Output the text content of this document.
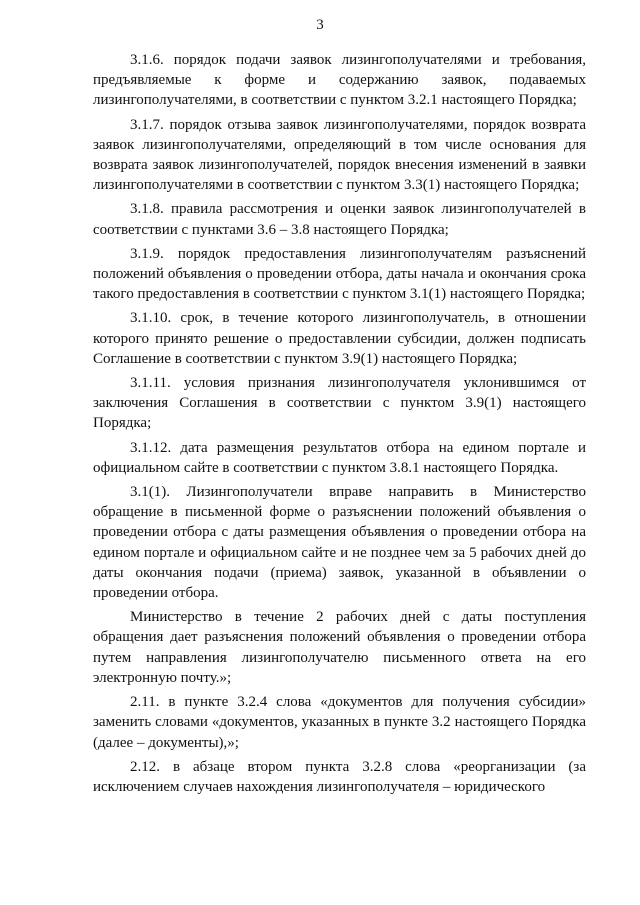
3

3.1.6. порядок подачи заявок лизингополучателями и требования, предъявляемые к форме и содержанию заявок, подаваемых лизингополучателями, в соответствии с пунктом 3.2.1 настоящего Порядка;

3.1.7. порядок отзыва заявок лизингополучателями, порядок возврата заявок лизингополучателями, определяющий в том числе основания для возврата заявок лизингополучателей, порядок внесения изменений в заявки лизингополучателями в соответствии с пунктом 3.3(1) настоящего Порядка;

3.1.8. правила рассмотрения и оценки заявок лизингополучателей в соответствии с пунктами 3.6 – 3.8 настоящего Порядка;

3.1.9. порядок предоставления лизингополучателям разъяснений положений объявления о проведении отбора, даты начала и окончания срока такого предоставления в соответствии с пунктом 3.1(1) настоящего Порядка;

3.1.10. срок, в течение которого лизингополучатель, в отношении которого принято решение о предоставлении субсидии, должен подписать Соглашение в соответствии с пунктом 3.9(1) настоящего Порядка;

3.1.11. условия признания лизингополучателя уклонившимся от заключения Соглашения в соответствии с пунктом 3.9(1) настоящего Порядка;

3.1.12. дата размещения результатов отбора на едином портале и официальном сайте в соответствии с пунктом 3.8.1 настоящего Порядка.

3.1(1). Лизингополучатели вправе направить в Министерство обращение в письменной форме о разъяснении положений объявления о проведении отбора с даты размещения объявления о проведении отбора на едином портале и официальном сайте и не позднее чем за 5 рабочих дней до даты окончания подачи (приема) заявок, указанной в объявлении о проведении отбора.

Министерство в течение 2 рабочих дней с даты поступления обращения дает разъяснения положений объявления о проведении отбора путем направления лизингополучателю письменного ответа на его электронную почту.»;

2.11. в пункте 3.2.4 слова «документов для получения субсидии» заменить словами «документов, указанных в пункте 3.2 настоящего Порядка (далее – документы),»;

2.12. в абзаце втором пункта 3.2.8 слова «реорганизации (за исключением случаев нахождения лизингополучателя – юридического
